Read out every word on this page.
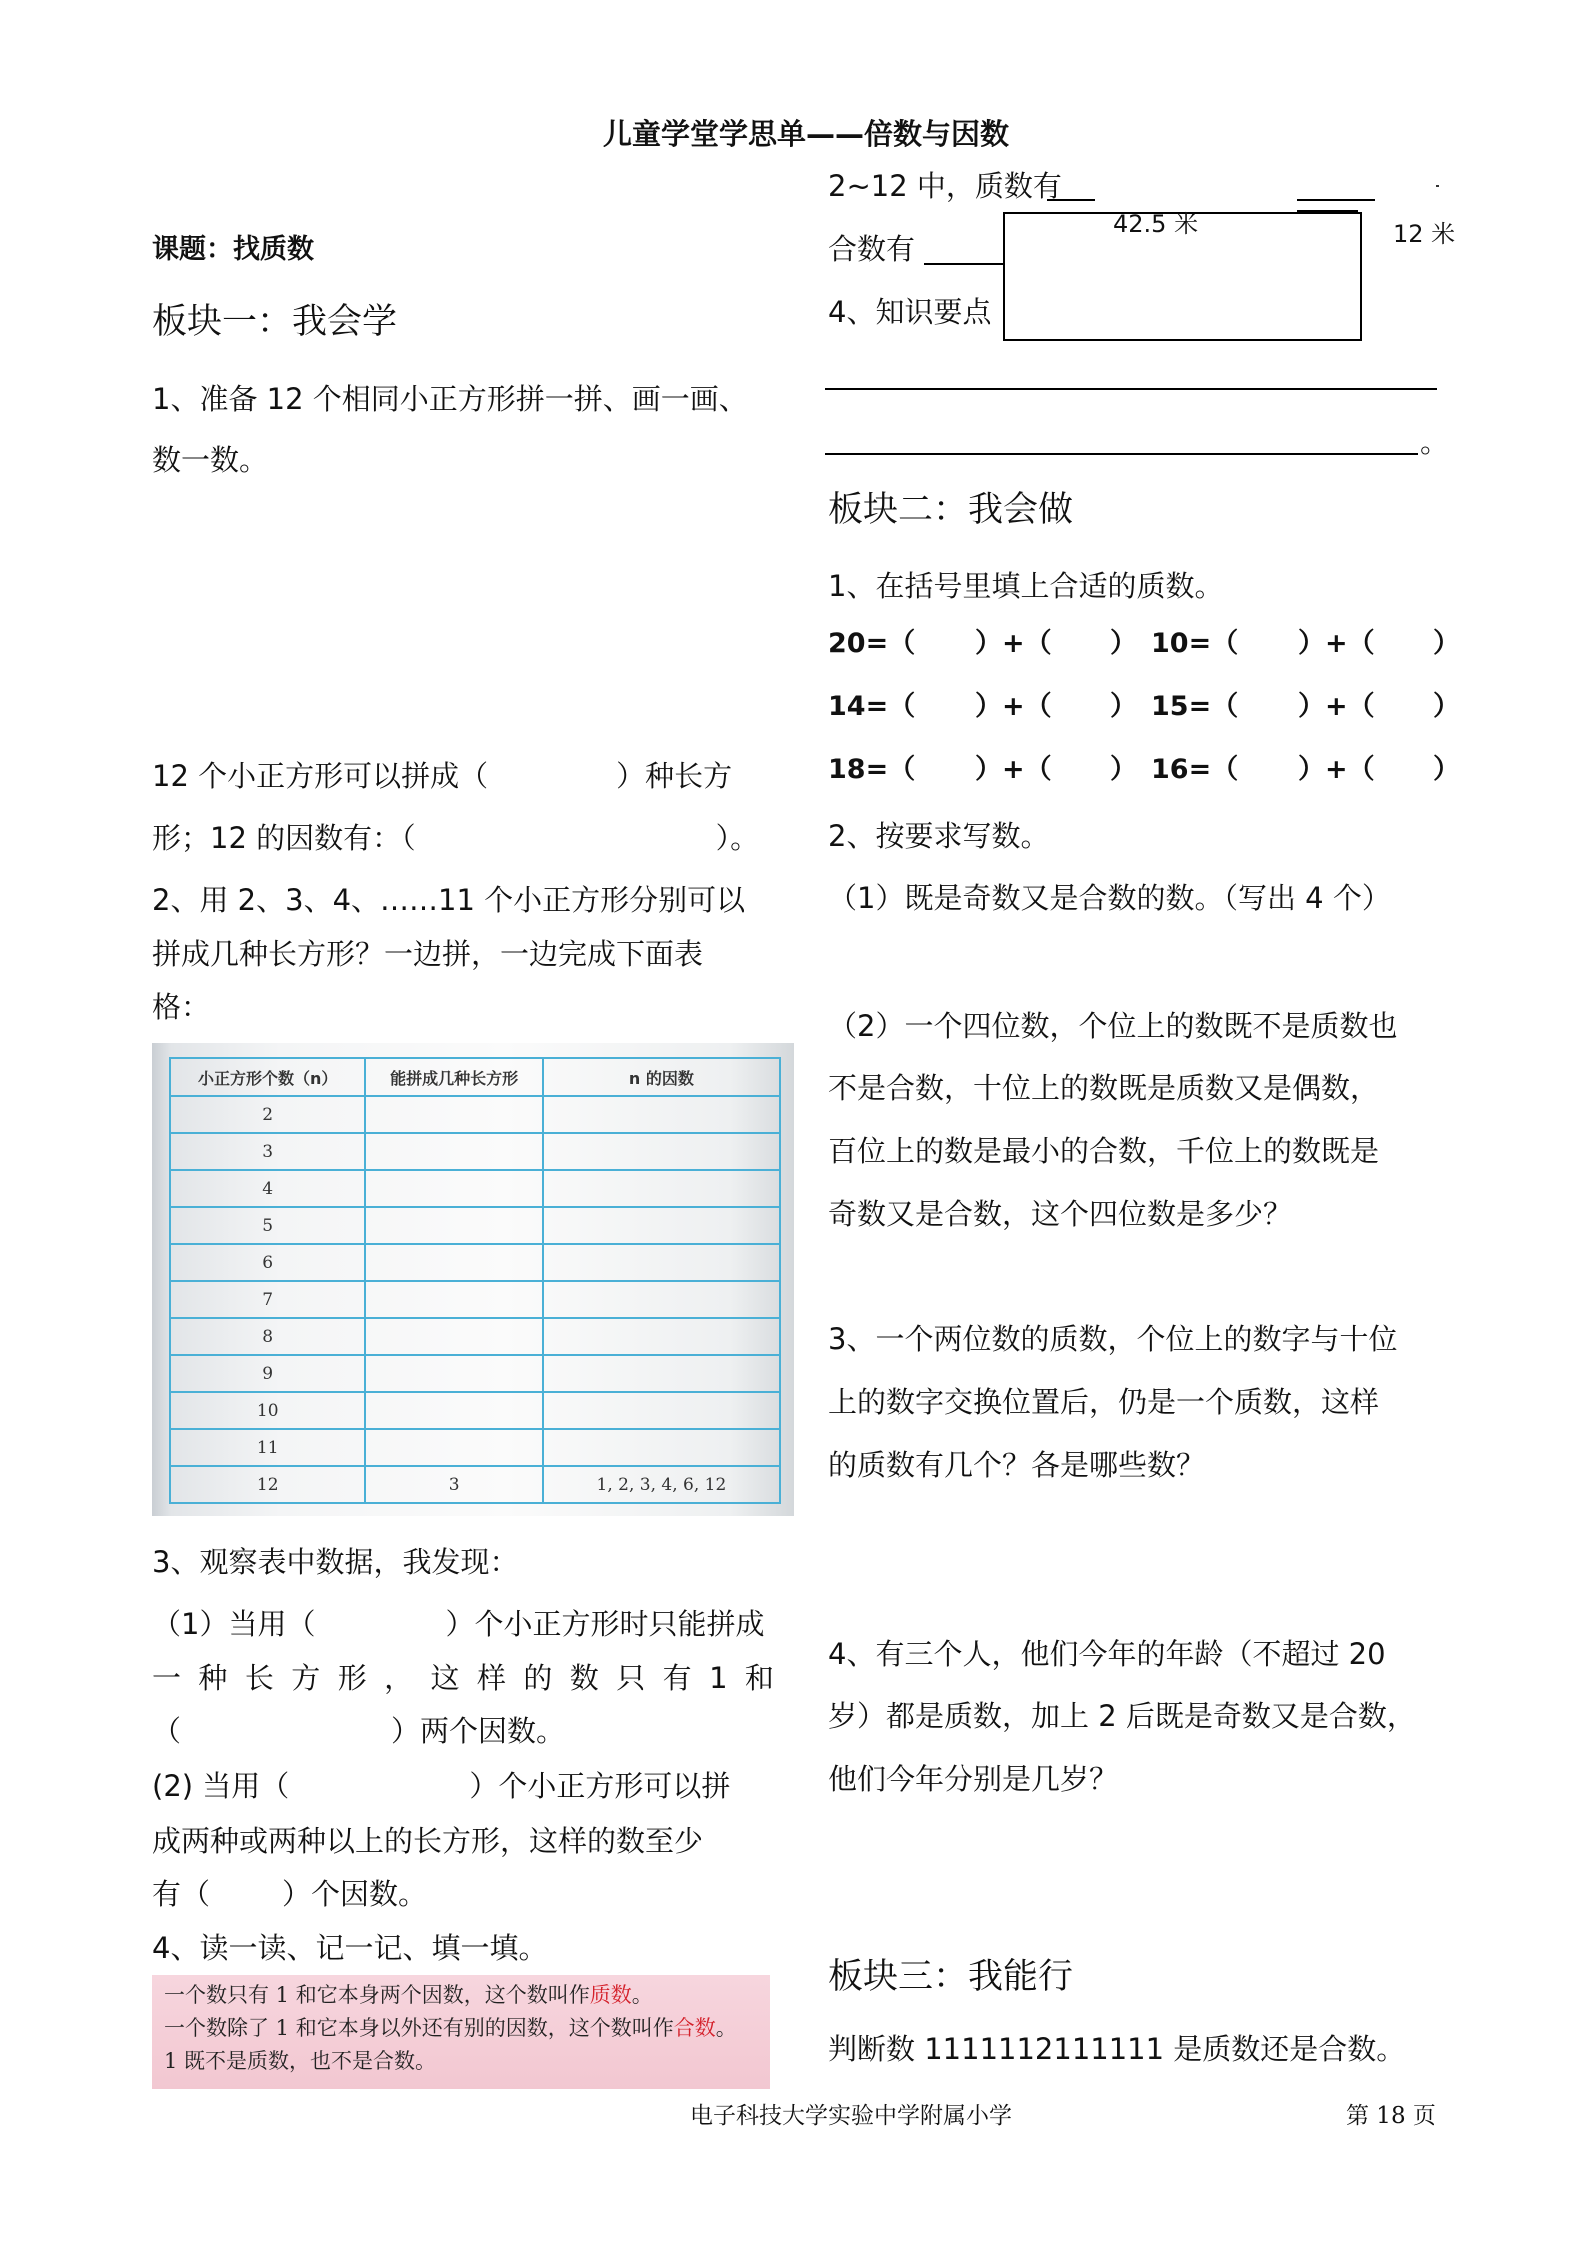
儿童学堂学思单——倍数与因数
课题：找质数
板块一：我会学
1、准备 12 个相同小正方形拼一拼、画一画、
数一数。
12 个小正方形可以拼成（	）种长方
形；12 的因数有：（	）。
2、用 2、3、4、……11 个小正方形分别可以
拼成几种长方形？一边拼，一边完成下面表
格：
小正方形个数（n）	能拼成几种长方形	n 的因数
2		
3		
4		
5		
6		
7		
8		
9		
10		
11		
12	3	1, 2, 3, 4, 6, 12
3、观察表中数据，我发现：
（1）当用（	）个小正方形时只能拼成
一 种 长 方 形 ， 这 样 的 数 只 有 1 和
（	）两个因数。
(2) 当用（	）个小正方形可以拼
成两种或两种以上的长方形，这样的数至少
有（ ）个因数。
4、读一读、记一记、填一填。
一个数只有 1 和它本身两个因数，这个数叫作质数。
一个数除了 1 和它本身以外还有别的因数，这个数叫作合数。
1 既不是质数，也不是合数。
2~12 中，质数有
合数有
4、知识要点
42.5 米	12 米
。
板块二：我会做
1、在括号里填上合适的质数。
20=（ ）+（ ） 10=（ ）+（ ）
14=（ ）+（ ） 15=（ ）+（ ）
18=（ ）+（ ） 16=（ ）+（ ）
2、按要求写数。
（1）既是奇数又是合数的数。（写出 4 个）
（2）一个四位数，个位上的数既不是质数也
不是合数，十位上的数既是质数又是偶数，
百位上的数是最小的合数，千位上的数既是
奇数又是合数，这个四位数是多少？
3、一个两位数的质数，个位上的数字与十位
上的数字交换位置后，仍是一个质数，这样
的质数有几个？各是哪些数？
4、有三个人，他们今年的年龄（不超过 20
岁）都是质数，加上 2 后既是奇数又是合数，
他们今年分别是几岁？
板块三：我能行
判断数 1111112111111 是质数还是合数。
电子科技大学实验中学附属小学	第 18 页
